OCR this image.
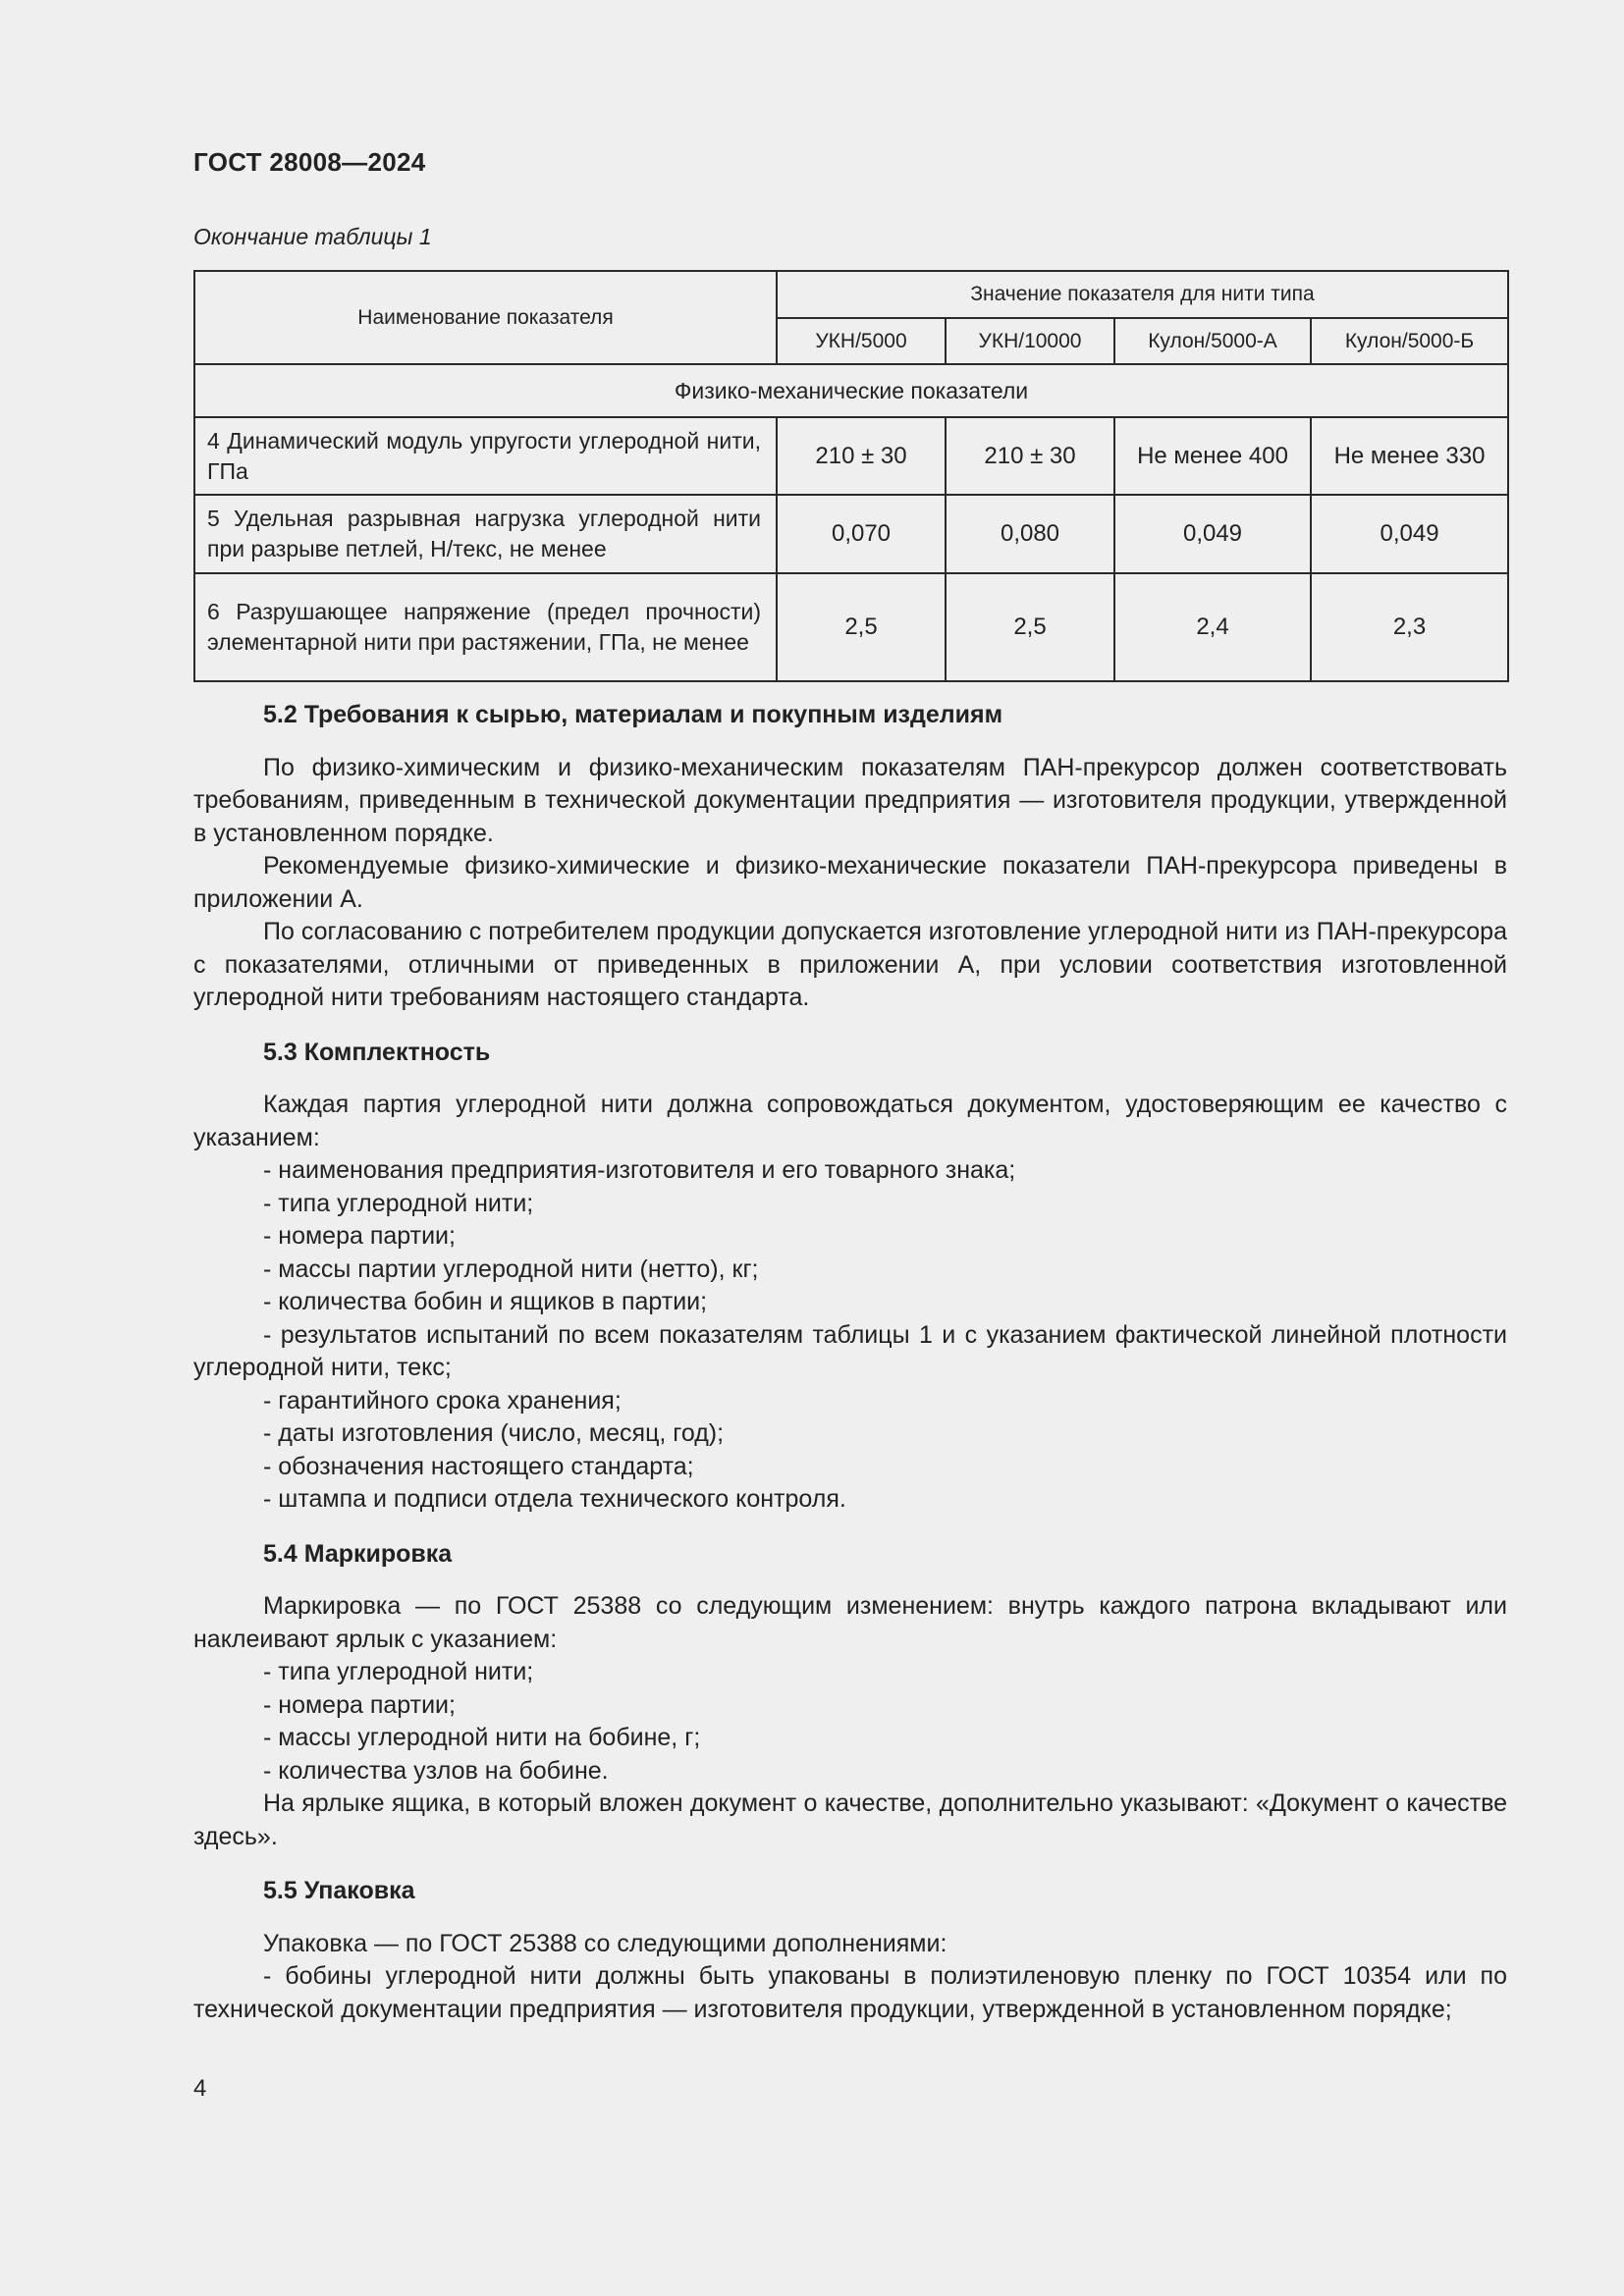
ГОСТ 28008—2024
Окончание таблицы 1
Наименование показателя	Значение показателя для нити типа			
	УКН/5000	УКН/10000	Кулон/5000-А	Кулон/5000-Б
Физико-механические показатели				
4 Динамический модуль упругости углеродной нити, ГПа	210 ± 30	210 ± 30	Не менее 400	Не менее 330
5 Удельная разрывная нагрузка углеродной нити при разрыве петлей, Н/текс, не менее	0,070	0,080	0,049	0,049
6 Разрушающее напряжение (предел прочности) элементарной нити при растяжении, ГПа, не менее	2,5	2,5	2,4	2,3
5.2 Требования к сырью, материалам и покупным изделиям

По физико-химическим и физико-механическим показателям ПАН-прекурсор должен соответствовать требованиям, приведенным в технической документации предприятия — изготовителя продукции, утвержденной в установленном порядке.

Рекомендуемые физико-химические и физико-механические показатели ПАН-прекурсора приведены в приложении А.

По согласованию с потребителем продукции допускается изготовление углеродной нити из ПАН-прекурсора с показателями, отличными от приведенных в приложении А, при условии соответствия изготовленной углеродной нити требованиям настоящего стандарта.

5.3 Комплектность

Каждая партия углеродной нити должна сопровождаться документом, удостоверяющим ее качество с указанием:

- наименования предприятия-изготовителя и его товарного знака;

- типа углеродной нити;

- номера партии;

- массы партии углеродной нити (нетто), кг;

- количества бобин и ящиков в партии;

- результатов испытаний по всем показателям таблицы 1 и с указанием фактической линейной плотности углеродной нити, текс;

- гарантийного срока хранения;

- даты изготовления (число, месяц, год);

- обозначения настоящего стандарта;

- штампа и подписи отдела технического контроля.

5.4 Маркировка

Маркировка — по ГОСТ 25388 со следующим изменением: внутрь каждого патрона вкладывают или наклеивают ярлык с указанием:

- типа углеродной нити;

- номера партии;

- массы углеродной нити на бобине, г;

- количества узлов на бобине.

На ярлыке ящика, в который вложен документ о качестве, дополнительно указывают: «Документ о качестве здесь».

5.5 Упаковка

Упаковка — по ГОСТ 25388 со следующими дополнениями:

- бобины углеродной нити должны быть упакованы в полиэтиленовую пленку по ГОСТ 10354 или по технической документации предприятия — изготовителя продукции, утвержденной в установленном порядке;

4
